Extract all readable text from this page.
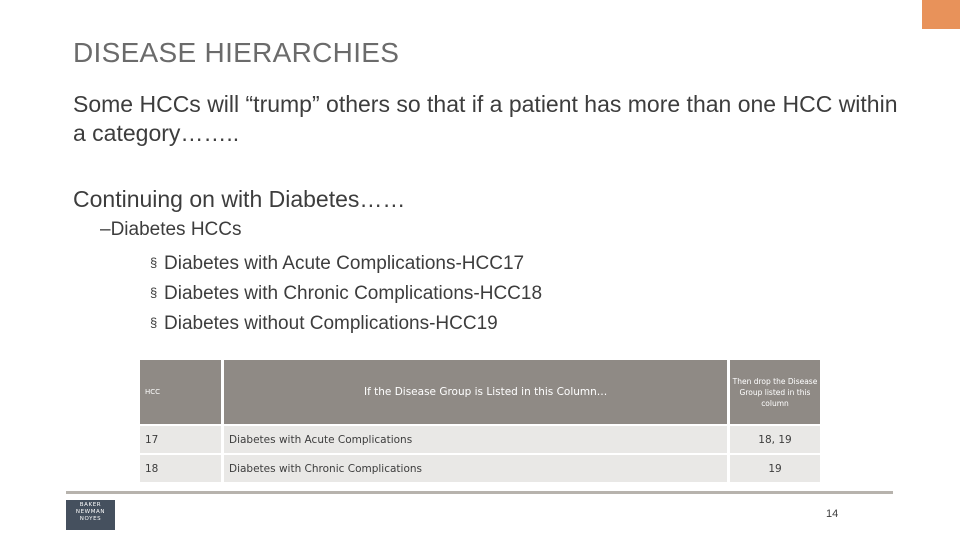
DISEASE HIERARCHIES
Some HCCs will “trump” others so that if a patient has more than one HCC within a category……..
Continuing on with Diabetes……
–Diabetes HCCs
§ Diabetes with Acute Complications-HCC17
§ Diabetes with Chronic Complications-HCC18
§ Diabetes without Complications-HCC19
HCC	If the Disease Group is Listed in this Column…	Then drop the Disease Group listed in this column
17	Diabetes with Acute Complications	18, 19
18	Diabetes with Chronic Complications	19
BAKER
NEWMAN
NOYES	14
